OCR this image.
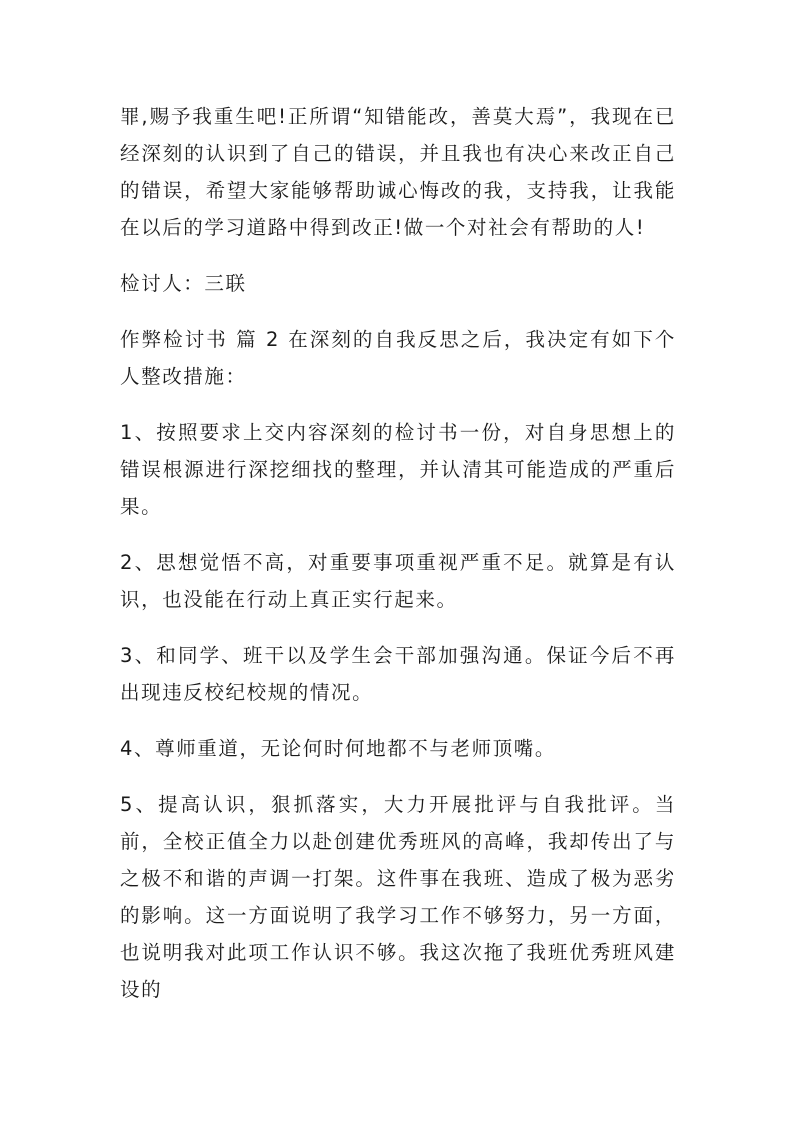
罪,赐予我重生吧!正所谓“知错能改，善莫大焉”，我现在已经深刻的认识到了自己的错误，并且我也有决心来改正自己的错误，希望大家能够帮助诚心悔改的我，支持我，让我能在以后的学习道路中得到改正!做一个对社会有帮助的人!

检讨人：三联

作弊检讨书 篇 2 在深刻的自我反思之后，我决定有如下个人整改措施：

1、按照要求上交内容深刻的检讨书一份，对自身思想上的错误根源进行深挖细找的整理，并认清其可能造成的严重后果。

2、思想觉悟不高，对重要事项重视严重不足。就算是有认识，也没能在行动上真正实行起来。

3、和同学、班干以及学生会干部加强沟通。保证今后不再出现违反校纪校规的情况。

4、尊师重道，无论何时何地都不与老师顶嘴。

5、提高认识，狠抓落实，大力开展批评与自我批评。当前，全校正值全力以赴创建优秀班风的高峰，我却传出了与之极不和谐的声调一打架。这件事在我班、造成了极为恶劣的影响。这一方面说明了我学习工作不够努力，另一方面，也说明我对此项工作认识不够。我这次拖了我班优秀班风建设的
